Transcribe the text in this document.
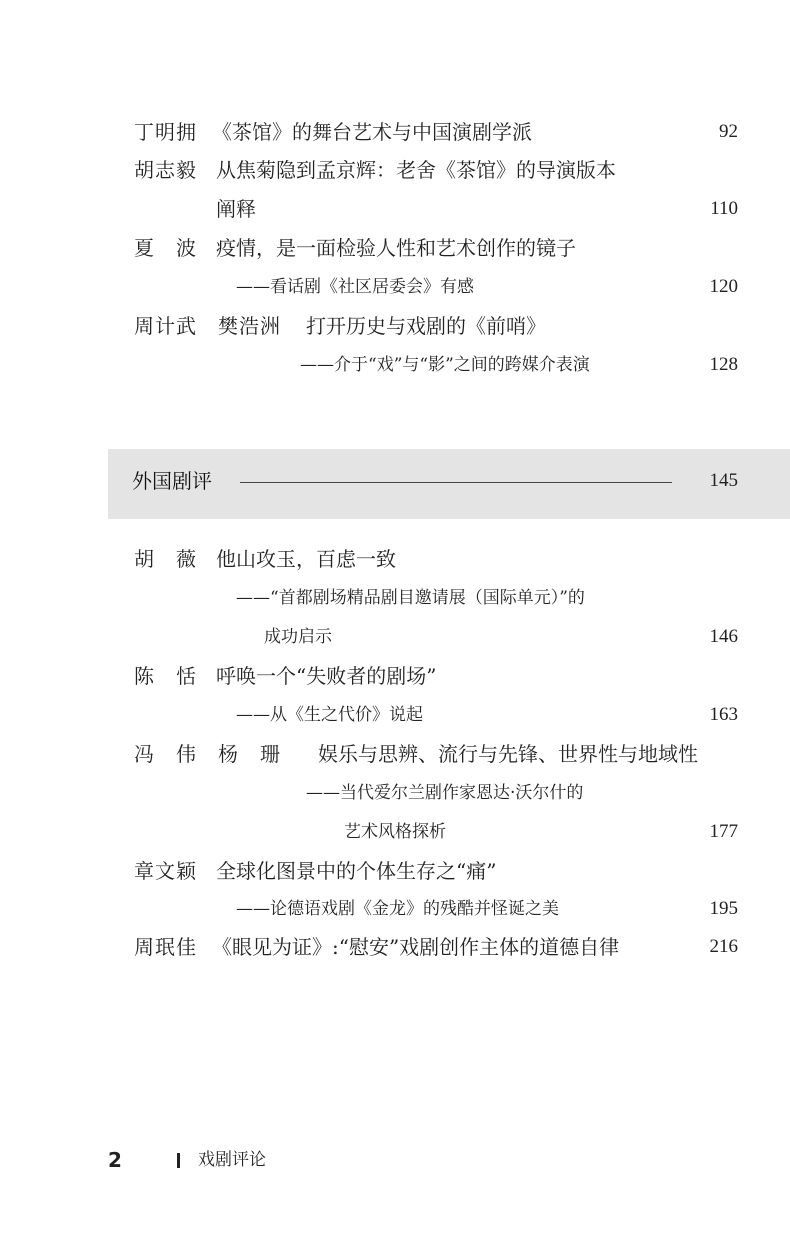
丁明拥 《茶馆》的舞台艺术与中国演剧学派	92
胡志毅 从焦菊隐到孟京辉：老舍《茶馆》的导演版本
阐释	110
夏　波 疫情，是一面检验人性和艺术创作的镜子
——看话剧《社区居委会》有感	120
周计武　樊浩洲 打开历史与戏剧的《前哨》
——介于“戏”与“影”之间的跨媒介表演	128
外国剧评	145
胡　薇 他山攻玉，百虑一致
——“首都剧场精品剧目邀请展（国际单元）”的
成功启示	146
陈　恬 呼唤一个“失败者的剧场”
——从《生之代价》说起	163
冯　伟　杨　珊 娱乐与思辨、流行与先锋、世界性与地域性
——当代爱尔兰剧作家恩达·沃尔什的
艺术风格探析	177
章文颖 全球化图景中的个体生存之“痛”
——论德语戏剧《金龙》的残酷并怪诞之美	195
周珉佳 《眼见为证》:“慰安”戏剧创作主体的道德自律	216
2	戏剧评论
